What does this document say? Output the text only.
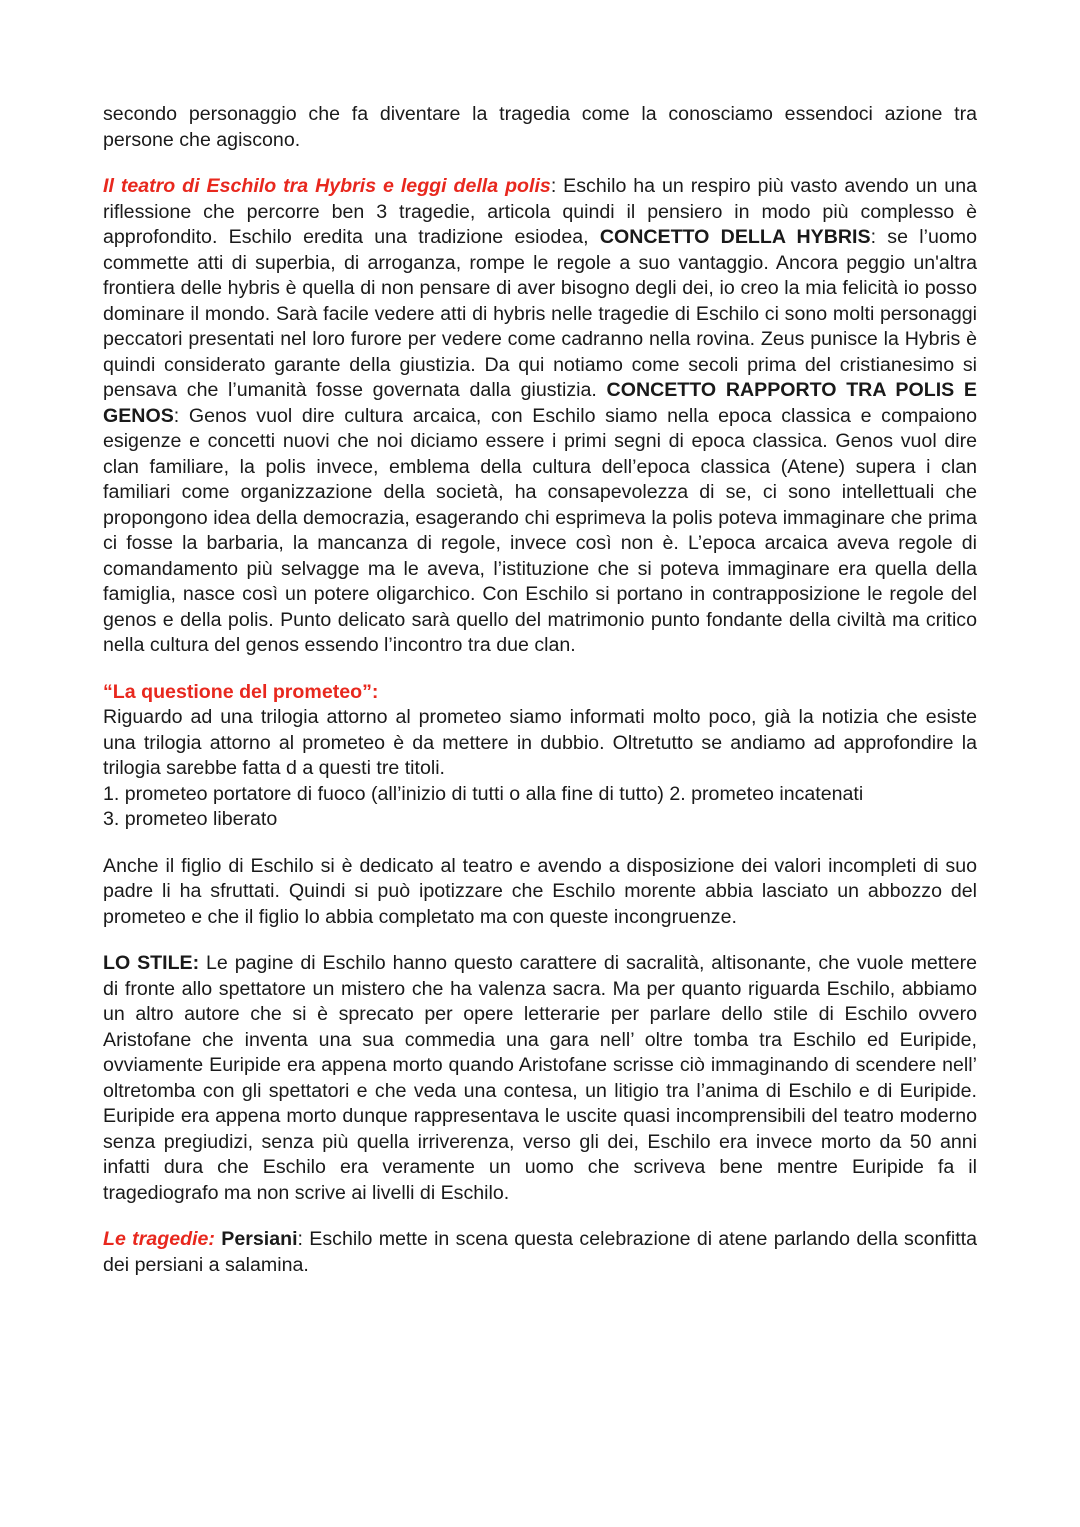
secondo personaggio che fa diventare la tragedia come la conosciamo essendoci azione tra persone che agiscono.

Il teatro di Eschilo tra Hybris e leggi della polis: Eschilo ha un respiro più vasto avendo un una riflessione che percorre ben 3 tragedie, articola quindi il pensiero in modo più complesso è approfondito. Eschilo eredita una tradizione esiodea, CONCETTO DELLA HYBRIS: se l’uomo commette atti di superbia, di arroganza, rompe le regole a suo vantaggio. Ancora peggio un'altra frontiera delle hybris è quella di non pensare di aver bisogno degli dei, io creo la mia felicità io posso dominare il mondo. Sarà facile vedere atti di hybris nelle tragedie di Eschilo ci sono molti personaggi peccatori presentati nel loro furore per vedere come cadranno nella rovina. Zeus punisce la Hybris è quindi considerato garante della giustizia. Da qui notiamo come secoli prima del cristianesimo si pensava che l’umanità fosse governata dalla giustizia. CONCETTO RAPPORTO TRA POLIS E GENOS: Genos vuol dire cultura arcaica, con Eschilo siamo nella epoca classica e compaiono esigenze e concetti nuovi che noi diciamo essere i primi segni di epoca classica. Genos vuol dire clan familiare, la polis invece, emblema della cultura dell’epoca classica (Atene) supera i clan familiari come organizzazione della società, ha consapevolezza di se, ci sono intellettuali che propongono idea della democrazia, esagerando chi esprimeva la polis poteva immaginare che prima ci fosse la barbaria, la mancanza di regole, invece così non è. L’epoca arcaica aveva regole di comandamento più selvagge ma le aveva, l’istituzione che si poteva immaginare era quella della famiglia, nasce così un potere oligarchico. Con Eschilo si portano in contrapposizione le regole del genos e della polis. Punto delicato sarà quello del matrimonio punto fondante della civiltà ma critico nella cultura del genos essendo l’incontro tra due clan.

“La questione del prometeo”:
Riguardo ad una trilogia attorno al prometeo siamo informati molto poco, già la notizia che esiste una trilogia attorno al prometeo è da mettere in dubbio. Oltretutto se andiamo ad approfondire la trilogia sarebbe fatta d a questi tre titoli.
1. prometeo portatore di fuoco (all’inizio di tutti o alla fine di tutto) 2. prometeo incatenati
3. prometeo liberato

Anche il figlio di Eschilo si è dedicato al teatro e avendo a disposizione dei valori incompleti di suo padre li ha sfruttati. Quindi si può ipotizzare che Eschilo morente abbia lasciato un abbozzo del prometeo e che il figlio lo abbia completato ma con queste incongruenze.

LO STILE: Le pagine di Eschilo hanno questo carattere di sacralità, altisonante, che vuole mettere di fronte allo spettatore un mistero che ha valenza sacra. Ma per quanto riguarda Eschilo, abbiamo un altro autore che si è sprecato per opere letterarie per parlare dello stile di Eschilo ovvero Aristofane che inventa una sua commedia una gara nell’ oltre tomba tra Eschilo ed Euripide, ovviamente Euripide era appena morto quando Aristofane scrisse ciò immaginando di scendere nell’ oltretomba con gli spettatori e che veda una contesa, un litigio tra l’anima di Eschilo e di Euripide. Euripide era appena morto dunque rappresentava le uscite quasi incomprensibili del teatro moderno senza pregiudizi, senza più quella irriverenza, verso gli dei, Eschilo era invece morto da 50 anni infatti dura che Eschilo era veramente un uomo che scriveva bene mentre Euripide fa il tragediografo ma non scrive ai livelli di Eschilo.

Le tragedie: Persiani: Eschilo mette in scena questa celebrazione di atene parlando della sconfitta dei persiani a salamina.
